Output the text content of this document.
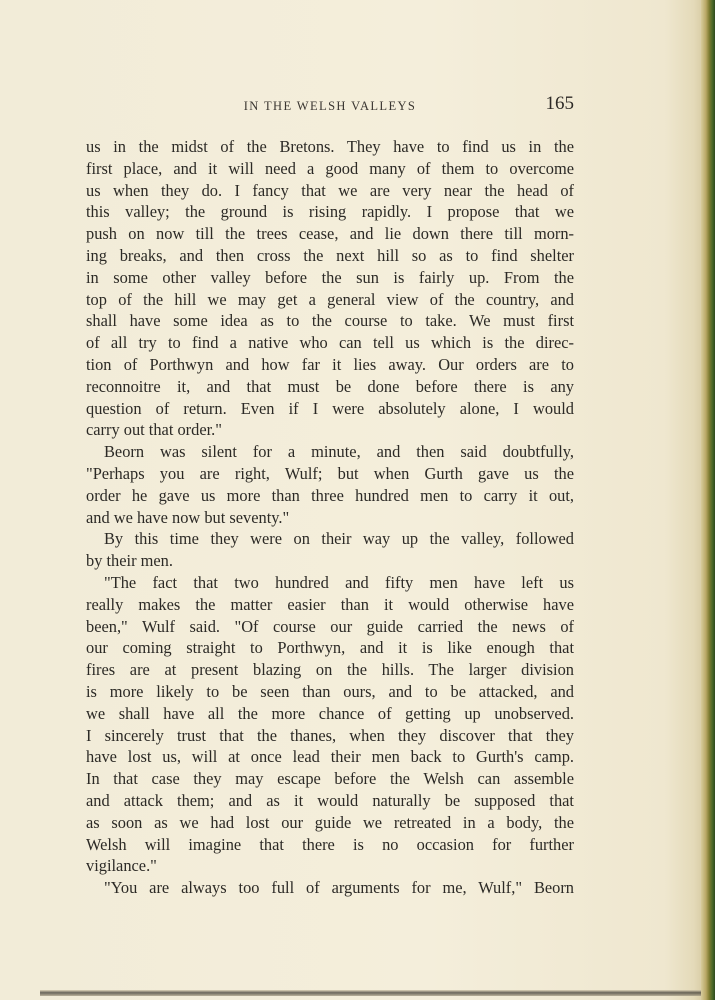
IN THE WELSH VALLEYS	165
us in the midst of the Bretons. They have to find us in the
first place, and it will need a good many of them to overcome
us when they do. I fancy that we are very near the head of
this valley; the ground is rising rapidly. I propose that we
push on now till the trees cease, and lie down there till morn-
ing breaks, and then cross the next hill so as to find shelter
in some other valley before the sun is fairly up. From the
top of the hill we may get a general view of the country, and
shall have some idea as to the course to take. We must first
of all try to find a native who can tell us which is the direc-
tion of Porthwyn and how far it lies away. Our orders are to
reconnoitre it, and that must be done before there is any
question of return. Even if I were absolutely alone, I would
carry out that order."
Beorn was silent for a minute, and then said doubtfully,
"Perhaps you are right, Wulf; but when Gurth gave us the
order he gave us more than three hundred men to carry it out,
and we have now but seventy."
By this time they were on their way up the valley, followed
by their men.
"The fact that two hundred and fifty men have left us
really makes the matter easier than it would otherwise have
been," Wulf said. "Of course our guide carried the news of
our coming straight to Porthwyn, and it is like enough that
fires are at present blazing on the hills. The larger division
is more likely to be seen than ours, and to be attacked, and
we shall have all the more chance of getting up unobserved.
I sincerely trust that the thanes, when they discover that they
have lost us, will at once lead their men back to Gurth's camp.
In that case they may escape before the Welsh can assemble
and attack them; and as it would naturally be supposed that
as soon as we had lost our guide we retreated in a body, the
Welsh will imagine that there is no occasion for further
vigilance."
"You are always too full of arguments for me, Wulf," Beorn
